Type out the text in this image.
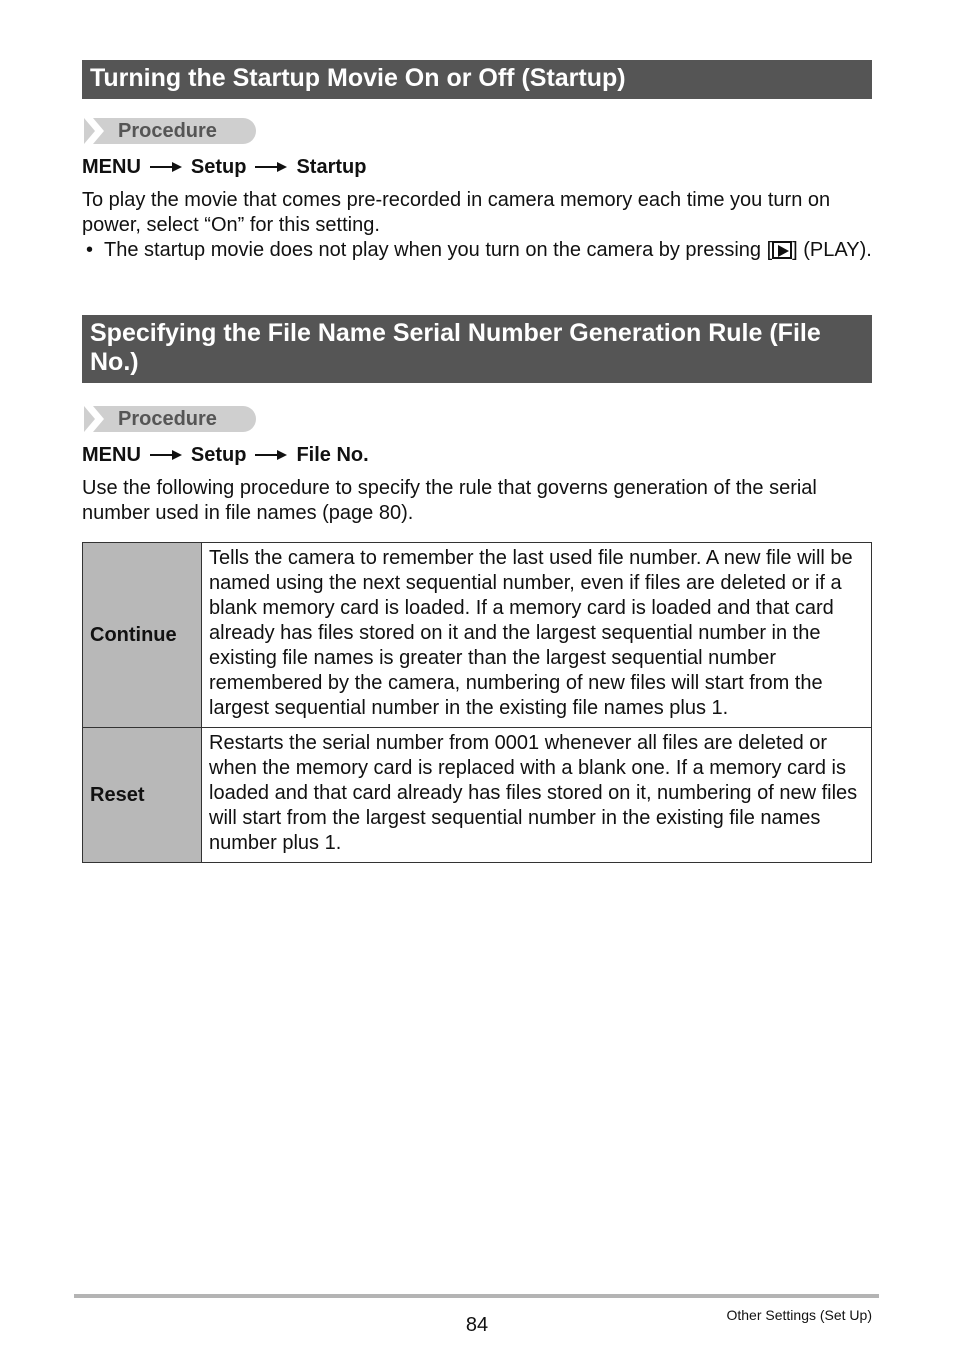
Turning the Startup Movie On or Off (Startup)
Procedure
MENU	Setup	Startup

To play the movie that comes pre-recorded in camera memory each time you turn on power, select “On” for this setting.

• The startup movie does not play when you turn on the camera by pressing [ ] (PLAY).
Specifying the File Name Serial Number Generation Rule (File No.)
Procedure
MENU	Setup	File No.

Use the following procedure to specify the rule that governs generation of the serial number used in file names (page 80).

Continue	Tells the camera to remember the last used file number. A new file will be named using the next sequential number, even if files are deleted or if a blank memory card is loaded. If a memory card is loaded and that card already has files stored on it and the largest sequential number in the existing file names is greater than the largest sequential number remembered by the camera, numbering of new files will start from the largest sequential number in the existing file names plus 1.
Reset	Restarts the serial number from 0001 whenever all files are deleted or when the memory card is replaced with a blank one. If a memory card is loaded and that card already has files stored on it, numbering of new files will start from the largest sequential number in the existing file names number plus 1.
84	Other Settings (Set Up)
